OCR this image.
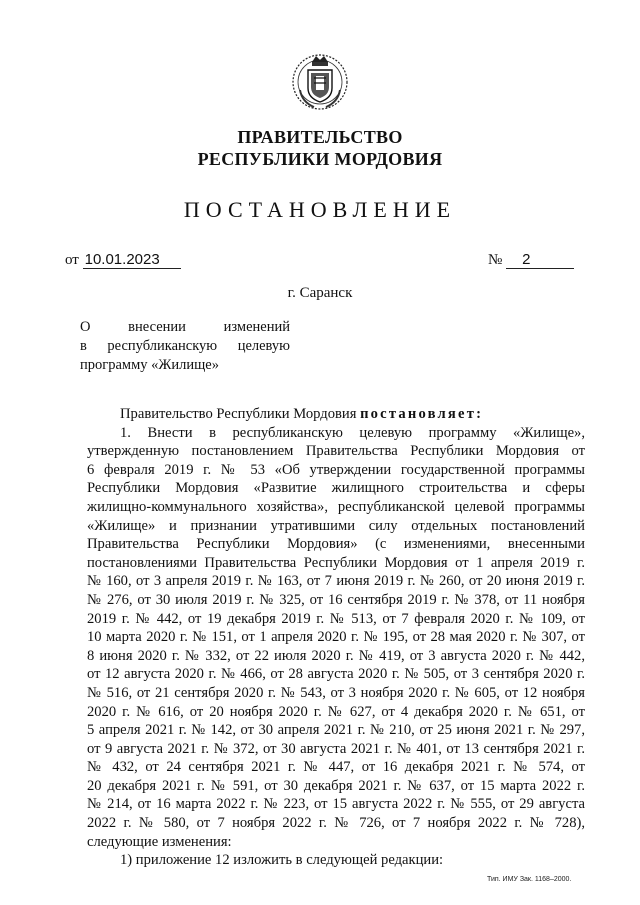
ПРАВИТЕЛЬСТВО
РЕСПУБЛИКИ МОРДОВИЯ
ПОСТАНОВЛЕНИЕ
от 10.01.2023	№ 2
г. Саранск
О внесении изменений
в республиканскую целевую
программу «Жилище»

Правительство Республики Мордовия постановляет:

1. Внести в республиканскую целевую программу «Жилище»,
утвержденную постановлением Правительства Республики Мордовия от
6 февраля 2019 г. № 53 «Об утверждении государственной программы
Республики Мордовия «Развитие жилищного строительства и сферы
жилищно-коммунального хозяйства», республиканской целевой программы
«Жилище» и признании утратившими силу отдельных постановлений
Правительства Республики Мордовия» (с изменениями, внесенными
постановлениями Правительства Республики Мордовия от 1 апреля 2019 г.
№ 160, от 3 апреля 2019 г. № 163, от 7 июня 2019 г. № 260, от 20 июня 2019 г.
№ 276, от 30 июля 2019 г. № 325, от 16 сентября 2019 г. № 378, от 11 ноября
2019 г. № 442, от 19 декабря 2019 г. № 513, от 7 февраля 2020 г. № 109, от
10 марта 2020 г. № 151, от 1 апреля 2020 г. № 195, от 28 мая 2020 г. № 307, от
8 июня 2020 г. № 332, от 22 июля 2020 г. № 419, от 3 августа 2020 г. № 442,
от 12 августа 2020 г. № 466, от 28 августа 2020 г. № 505, от 3 сентября 2020 г.
№ 516, от 21 сентября 2020 г. № 543, от 3 ноября 2020 г. № 605, от 12 ноября
2020 г. № 616, от 20 ноября 2020 г. № 627, от 4 декабря 2020 г. № 651, от
5 апреля 2021 г. № 142, от 30 апреля 2021 г. № 210, от 25 июня 2021 г. № 297,
от 9 августа 2021 г. № 372, от 30 августа 2021 г. № 401, от 13 сентября 2021 г.
№ 432, от 24 сентября 2021 г. № 447, от 16 декабря 2021 г. № 574, от
20 декабря 2021 г. № 591, от 30 декабря 2021 г. № 637, от 15 марта 2022 г.
№ 214, от 16 марта 2022 г. № 223, от 15 августа 2022 г. № 555, от 29 августа
2022 г. № 580, от 7 ноября 2022 г. № 726, от 7 ноября 2022 г. № 728),
следующие изменения:
1) приложение 12 изложить в следующей редакции:
Тип. ИМУ Зак. 1168–2000.
